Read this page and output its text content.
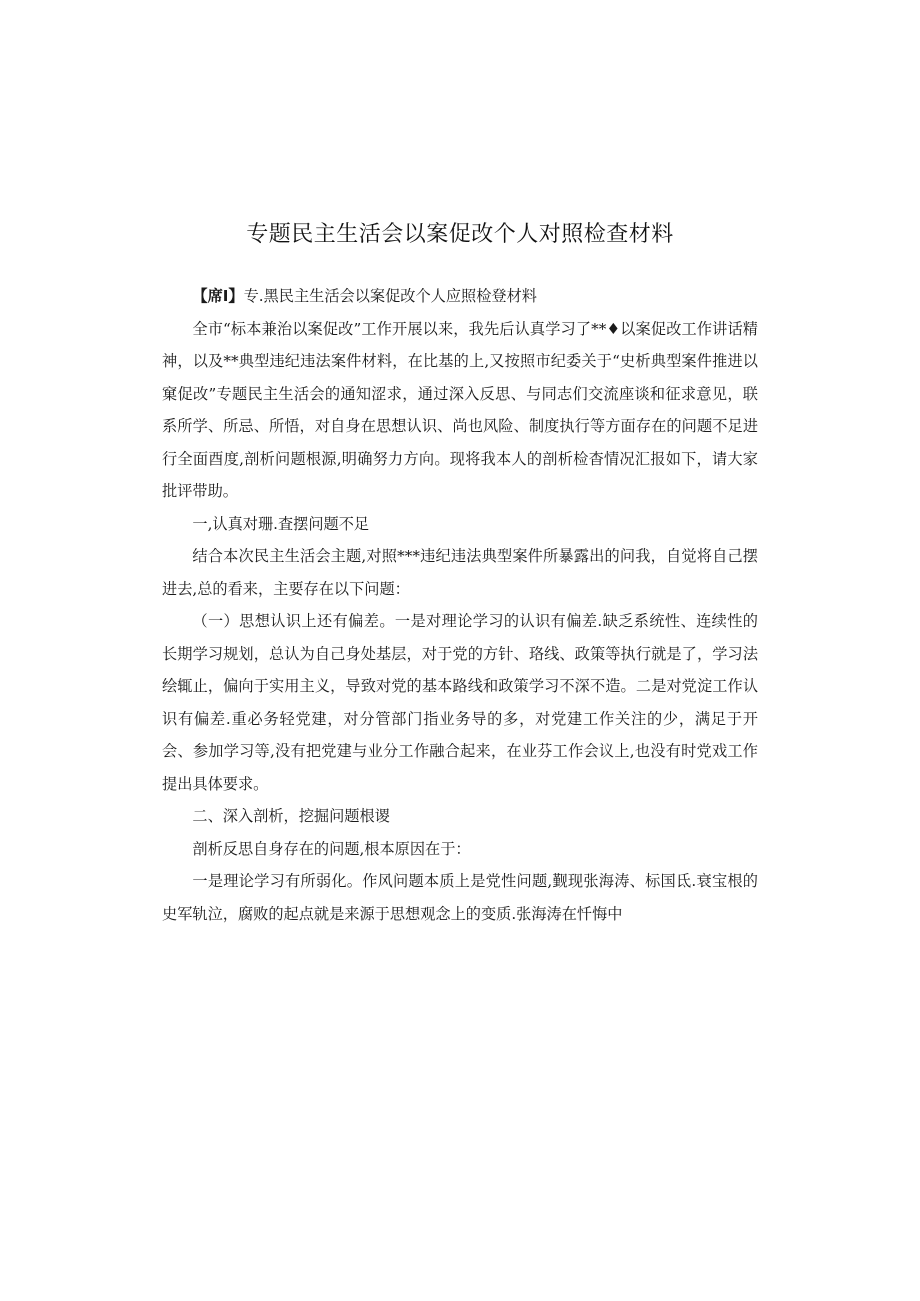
专题民主生活会以案促改个人对照检查材料

【席I】专.黑民主生活会以案促改个人应照检登材料

全市“标本兼治以案促改”工作开展以来，我先后认真学习了**♦以案促改工作讲话精神，以及**典型违纪违法案件材料，在比基的上,又按照市纪委关于“史析典型案件推进以窠促改”专题民主生活会的通知涩求，通过深入反思、与同志们交流座谈和征求意见，联系所学、所忌、所悟，对自身在思想认识、尚也风险、制度执行等方面存在的问题不足进行全面酉度,剖析问题根源,明确努力方向。现将我本人的剖析检杳情况汇报如下，请大家批评带助。

一,认真对珊.査摆问题不足

结合本次民主生活会主题,对照***违纪违法典型案件所暴露出的问我，自觉将自己摆进去,总的看来，主要存在以下问题：

（一）思想认识上还有偏差。一是对理论学习的认识有偏差.缺乏系统性、连续性的长期学习规划，总认为自己身处基层，对于党的方针、珞线、政策等执行就是了，学习法绘辄止，偏向于实用主义，导致对党的基本路线和政策学习不深不造。二是对党淀工作认识有偏差.重必务轻党建，对分管部门指业务导的多，对党建工作关注的少，满足于开会、参加学习等,没有把党建与业分工作融合起来，在业芬工作会议上,也没有时党戏工作提出具体要求。

二、深入剖析，挖掘问题根谡

剖析反思自身存在的问题,根本原因在于：

一是理论学习有所弱化。作风问题本质上是党性问题,觐现张海涛、标国氐.衰宝根的史军轨泣，腐败的起点就是来源于思想观念上的变质.张海涛在忏悔中
